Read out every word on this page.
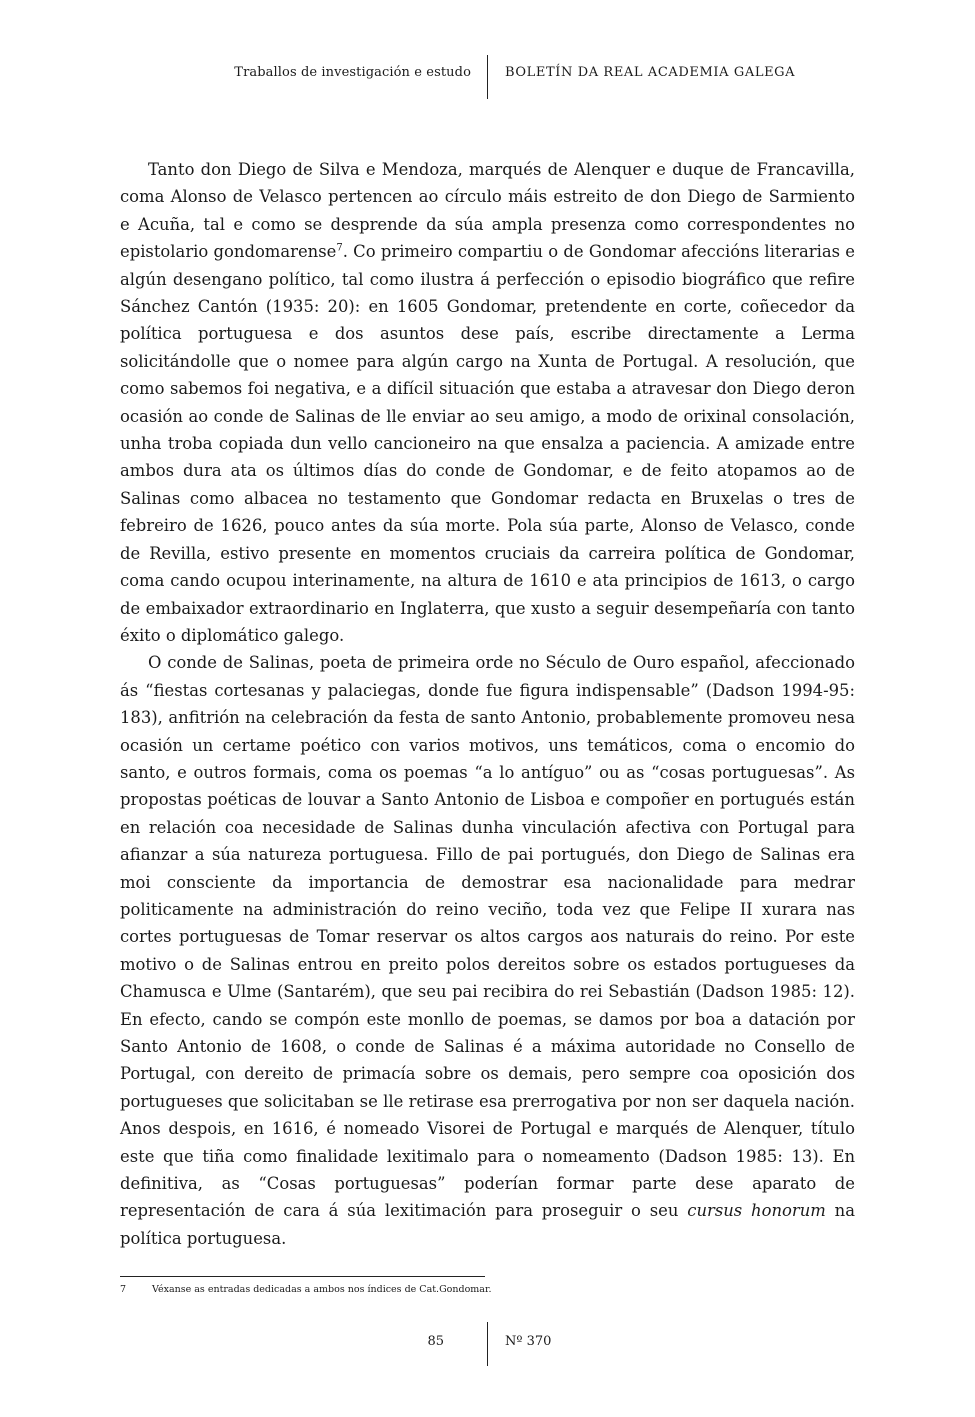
Traballos de investigación e estudo	BOLETÍN DA REAL ACADEMIA GALEGA

Tanto don Diego de Silva e Mendoza, marqués de Alenquer e duque de Francavilla, coma Alonso de Velasco pertencen ao círculo máis estreito de don Diego de Sarmiento e Acuña, tal e como se desprende da súa ampla presenza como correspondentes no epistolario gondomarense$^7$. Co primeiro compartiu o de Gondomar afeccións literarias e algún desengano político, tal como ilustra á perfección o episodio biográfico que refire Sánchez Cantón (1935: 20): en 1605 Gondomar, pretendente en corte, coñecedor da política portuguesa e dos asuntos dese país, escribe directamente a Lerma solicitándolle que o nomee para algún cargo na Xunta de Portugal. A resolución, que como sabemos foi negativa, e a difícil situación que estaba a atravesar don Diego deron ocasión ao conde de Salinas de lle enviar ao seu amigo, a modo de orixinal consolación, unha troba copiada dun vello cancioneiro na que ensalza a paciencia. A amizade entre ambos dura ata os últimos días do conde de Gondomar, e de feito atopamos ao de Salinas como albacea no testamento que Gondomar redacta en Bruxelas o tres de febreiro de 1626, pouco antes da súa morte. Pola súa parte, Alonso de Velasco, conde de Revilla, estivo presente en momentos cruciais da carreira política de Gondomar, coma cando ocupou interinamente, na altura de 1610 e ata principios de 1613, o cargo de embaixador extraordinario en Inglaterra, que xusto a seguir desempeñaría con tanto éxito o diplomático galego.

O conde de Salinas, poeta de primeira orde no Século de Ouro español, afeccionado ás “fiestas cortesanas y palaciegas, donde fue figura indispensable” (Dadson 1994-95: 183), anfitrión na celebración da festa de santo Antonio, probablemente promoveu nesa ocasión un certame poético con varios motivos, uns temáticos, coma o encomio do santo, e outros formais, coma os poemas “a lo antíguo” ou as “cosas portuguesas”. As propostas poéticas de louvar a Santo Antonio de Lisboa e compoñer en portugués están en relación coa necesidade de Salinas dunha vinculación afectiva con Portugal para afianzar a súa natureza portuguesa. Fillo de pai portugués, don Diego de Salinas era moi consciente da importancia de demostrar esa nacionalidade para medrar politicamente na administración do reino veciño, toda vez que Felipe II xurara nas cortes portuguesas de Tomar reservar os altos cargos aos naturais do reino. Por este motivo o de Salinas entrou en preito polos dereitos sobre os estados portugueses da Chamusca e Ulme (Santarém), que seu pai recibira do rei Sebastián (Dadson 1985: 12). En efecto, cando se compón este monllo de poemas, se damos por boa a datación por Santo Antonio de 1608, o conde de Salinas é a máxima autoridade no Consello de Portugal, con dereito de primacía sobre os demais, pero sempre coa oposición dos portugueses que solicitaban se lle retirase esa prerrogativa por non ser daquela nación. Anos despois, en 1616, é nomeado Visorei de Portugal e marqués de Alenquer, título este que tiña como finalidade lexitimalo para o nomeamento (Dadson 1985: 13). En definitiva, as “Cosas portuguesas” poderían formar parte dese aparato de representación de cara á súa lexitimación para proseguir o seu cursus honorum na política portuguesa.

7	Véxanse as entradas dedicadas a ambos nos índices de Cat.Gondomar.
85	Nº 370
